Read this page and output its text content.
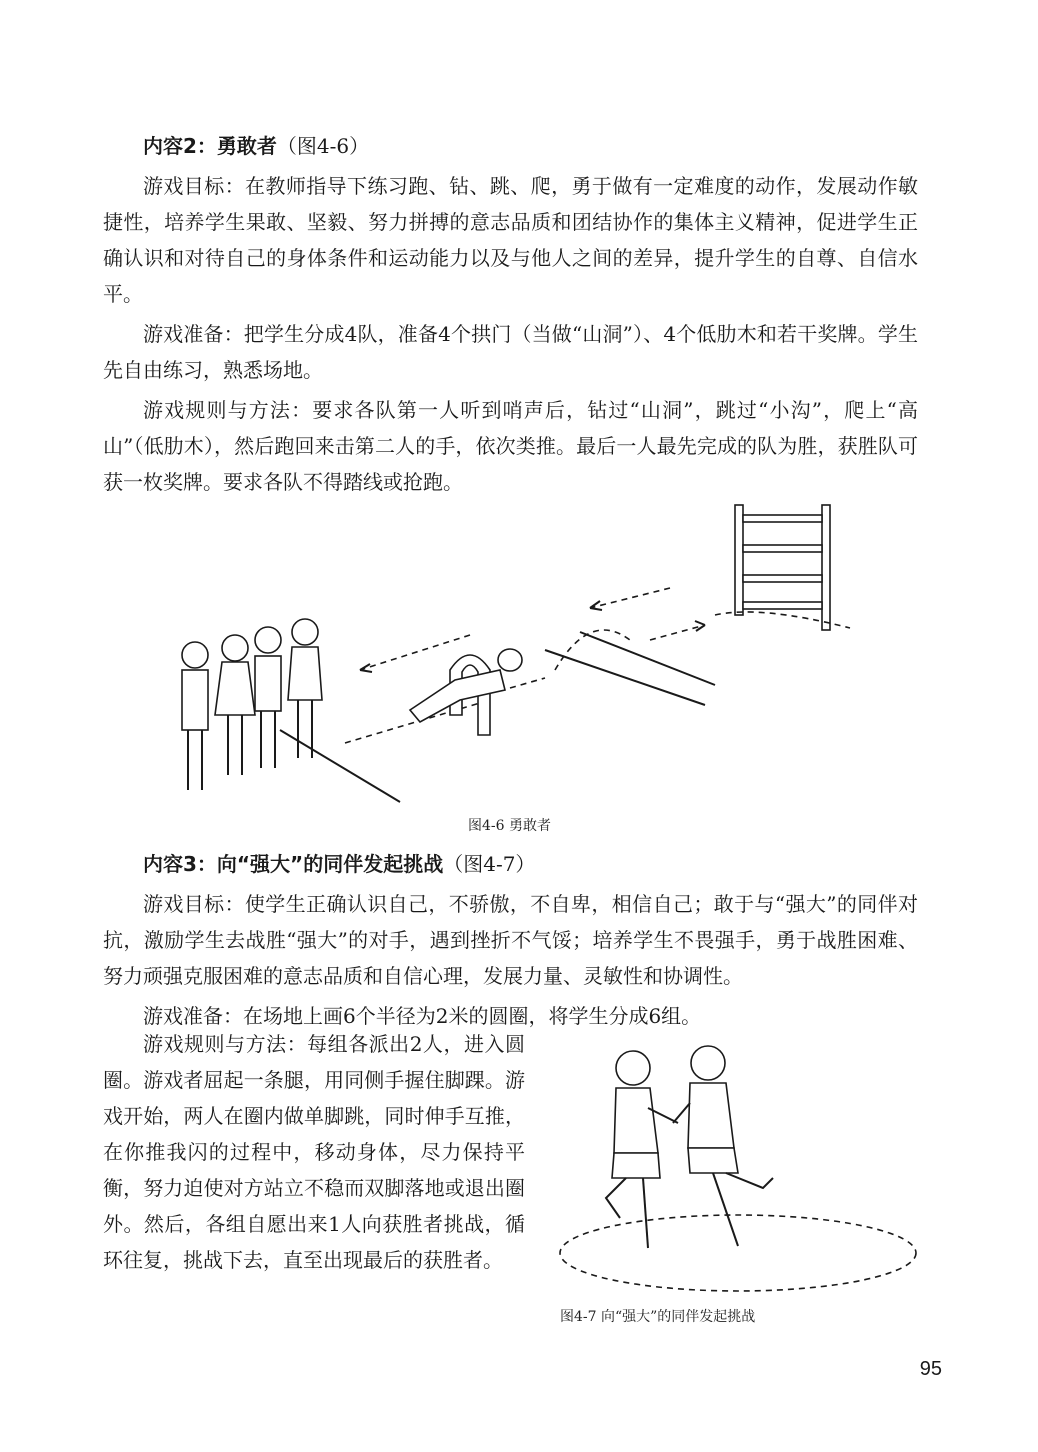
内容2：勇敢者（图4-6）

游戏目标：在教师指导下练习跑、钻、跳、爬，勇于做有一定难度的动作，发展动作敏捷性，培养学生果敢、坚毅、努力拼搏的意志品质和团结协作的集体主义精神，促进学生正确认识和对待自己的身体条件和运动能力以及与他人之间的差异，提升学生的自尊、自信水平。

游戏准备：把学生分成4队，准备4个拱门（当做“山洞”）、4个低肋木和若干奖牌。学生先自由练习，熟悉场地。

游戏规则与方法：要求各队第一人听到哨声后，钻过“山洞”，跳过“小沟”，爬上“高山”（低肋木），然后跑回来击第二人的手，依次类推。最后一人最先完成的队为胜，获胜队可获一枚奖牌。要求各队不得踏线或抢跑。

图4-6 勇敢者

内容3：向“强大”的同伴发起挑战（图4-7）

游戏目标：使学生正确认识自己，不骄傲，不自卑，相信自己；敢于与“强大”的同伴对抗，激励学生去战胜“强大”的对手，遇到挫折不气馁；培养学生不畏强手，勇于战胜困难、努力顽强克服困难的意志品质和自信心理，发展力量、灵敏性和协调性。

游戏准备：在场地上画6个半径为2米的圆圈，将学生分成6组。

游戏规则与方法：每组各派出2人，进入圆圈。游戏者屈起一条腿，用同侧手握住脚踝。游戏开始，两人在圈内做单脚跳，同时伸手互推，在你推我闪的过程中，移动身体，尽力保持平衡，努力迫使对方站立不稳而双脚落地或退出圈外。然后，各组自愿出来1人向获胜者挑战，循环往复，挑战下去，直至出现最后的获胜者。

图4-7 向“强大”的同伴发起挑战
95
